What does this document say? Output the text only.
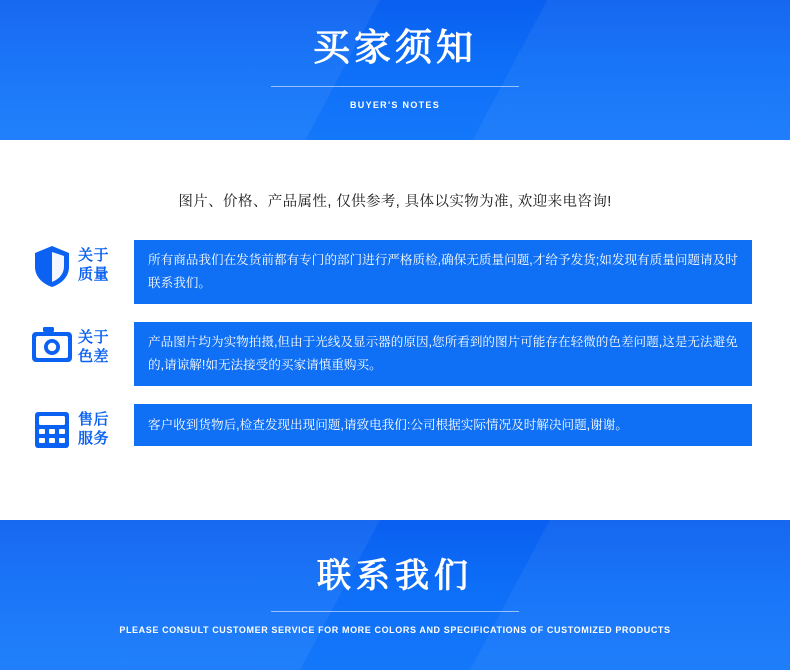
买家须知
BUYER'S NOTES
图片、价格、产品属性, 仅供参考, 具体以实物为准, 欢迎来电咨询!
关于
质量
所有商品我们在发货前都有专门的部门进行严格质检,确保无质量问题,才给予发货;如发现有质量问题请及时联系我们。
关于
色差
产品图片均为实物拍摄,但由于光线及显示器的原因,您所看到的图片可能存在轻微的色差问题,这是无法避免的,请谅解!如无法接受的买家请慎重购买。
售后
服务
客户收到货物后,检查发现出现问题,请致电我们:公司根据实际情况及时解决问题,谢谢。
联系我们
PLEASE CONSULT CUSTOMER SERVICE FOR MORE COLORS AND SPECIFICATIONS OF CUSTOMIZED PRODUCTS
